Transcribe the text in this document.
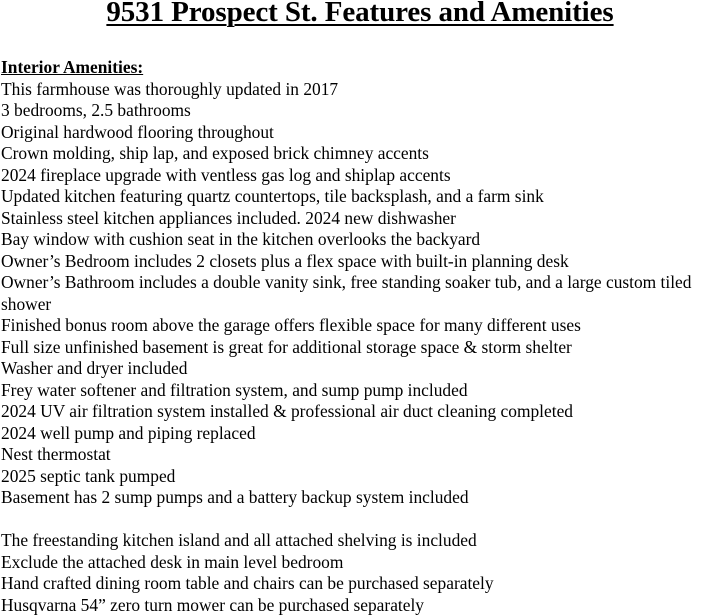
9531 Prospect St. Features and Amenities
Interior Amenities:
This farmhouse was thoroughly updated in 2017
3 bedrooms, 2.5 bathrooms
Original hardwood flooring throughout
Crown molding, ship lap, and exposed brick chimney accents
2024 fireplace upgrade with ventless gas log and shiplap accents
Updated kitchen featuring quartz countertops, tile backsplash, and a farm sink
Stainless steel kitchen appliances included. 2024 new dishwasher
Bay window with cushion seat in the kitchen overlooks the backyard
Owner’s Bedroom includes 2 closets plus a flex space with built-in planning desk
Owner’s Bathroom includes a double vanity sink, free standing soaker tub, and a large custom tiled shower
Finished bonus room above the garage offers flexible space for many different uses
Full size unfinished basement is great for additional storage space & storm shelter
Washer and dryer included
Frey water softener and filtration system, and sump pump included
2024 UV air filtration system installed & professional air duct cleaning completed
2024 well pump and piping replaced
Nest thermostat
2025 septic tank pumped
Basement has 2 sump pumps and a battery backup system included
The freestanding kitchen island and all attached shelving is included
Exclude the attached desk in main level bedroom
Hand crafted dining room table and chairs can be purchased separately
Husqvarna 54” zero turn mower can be purchased separately
